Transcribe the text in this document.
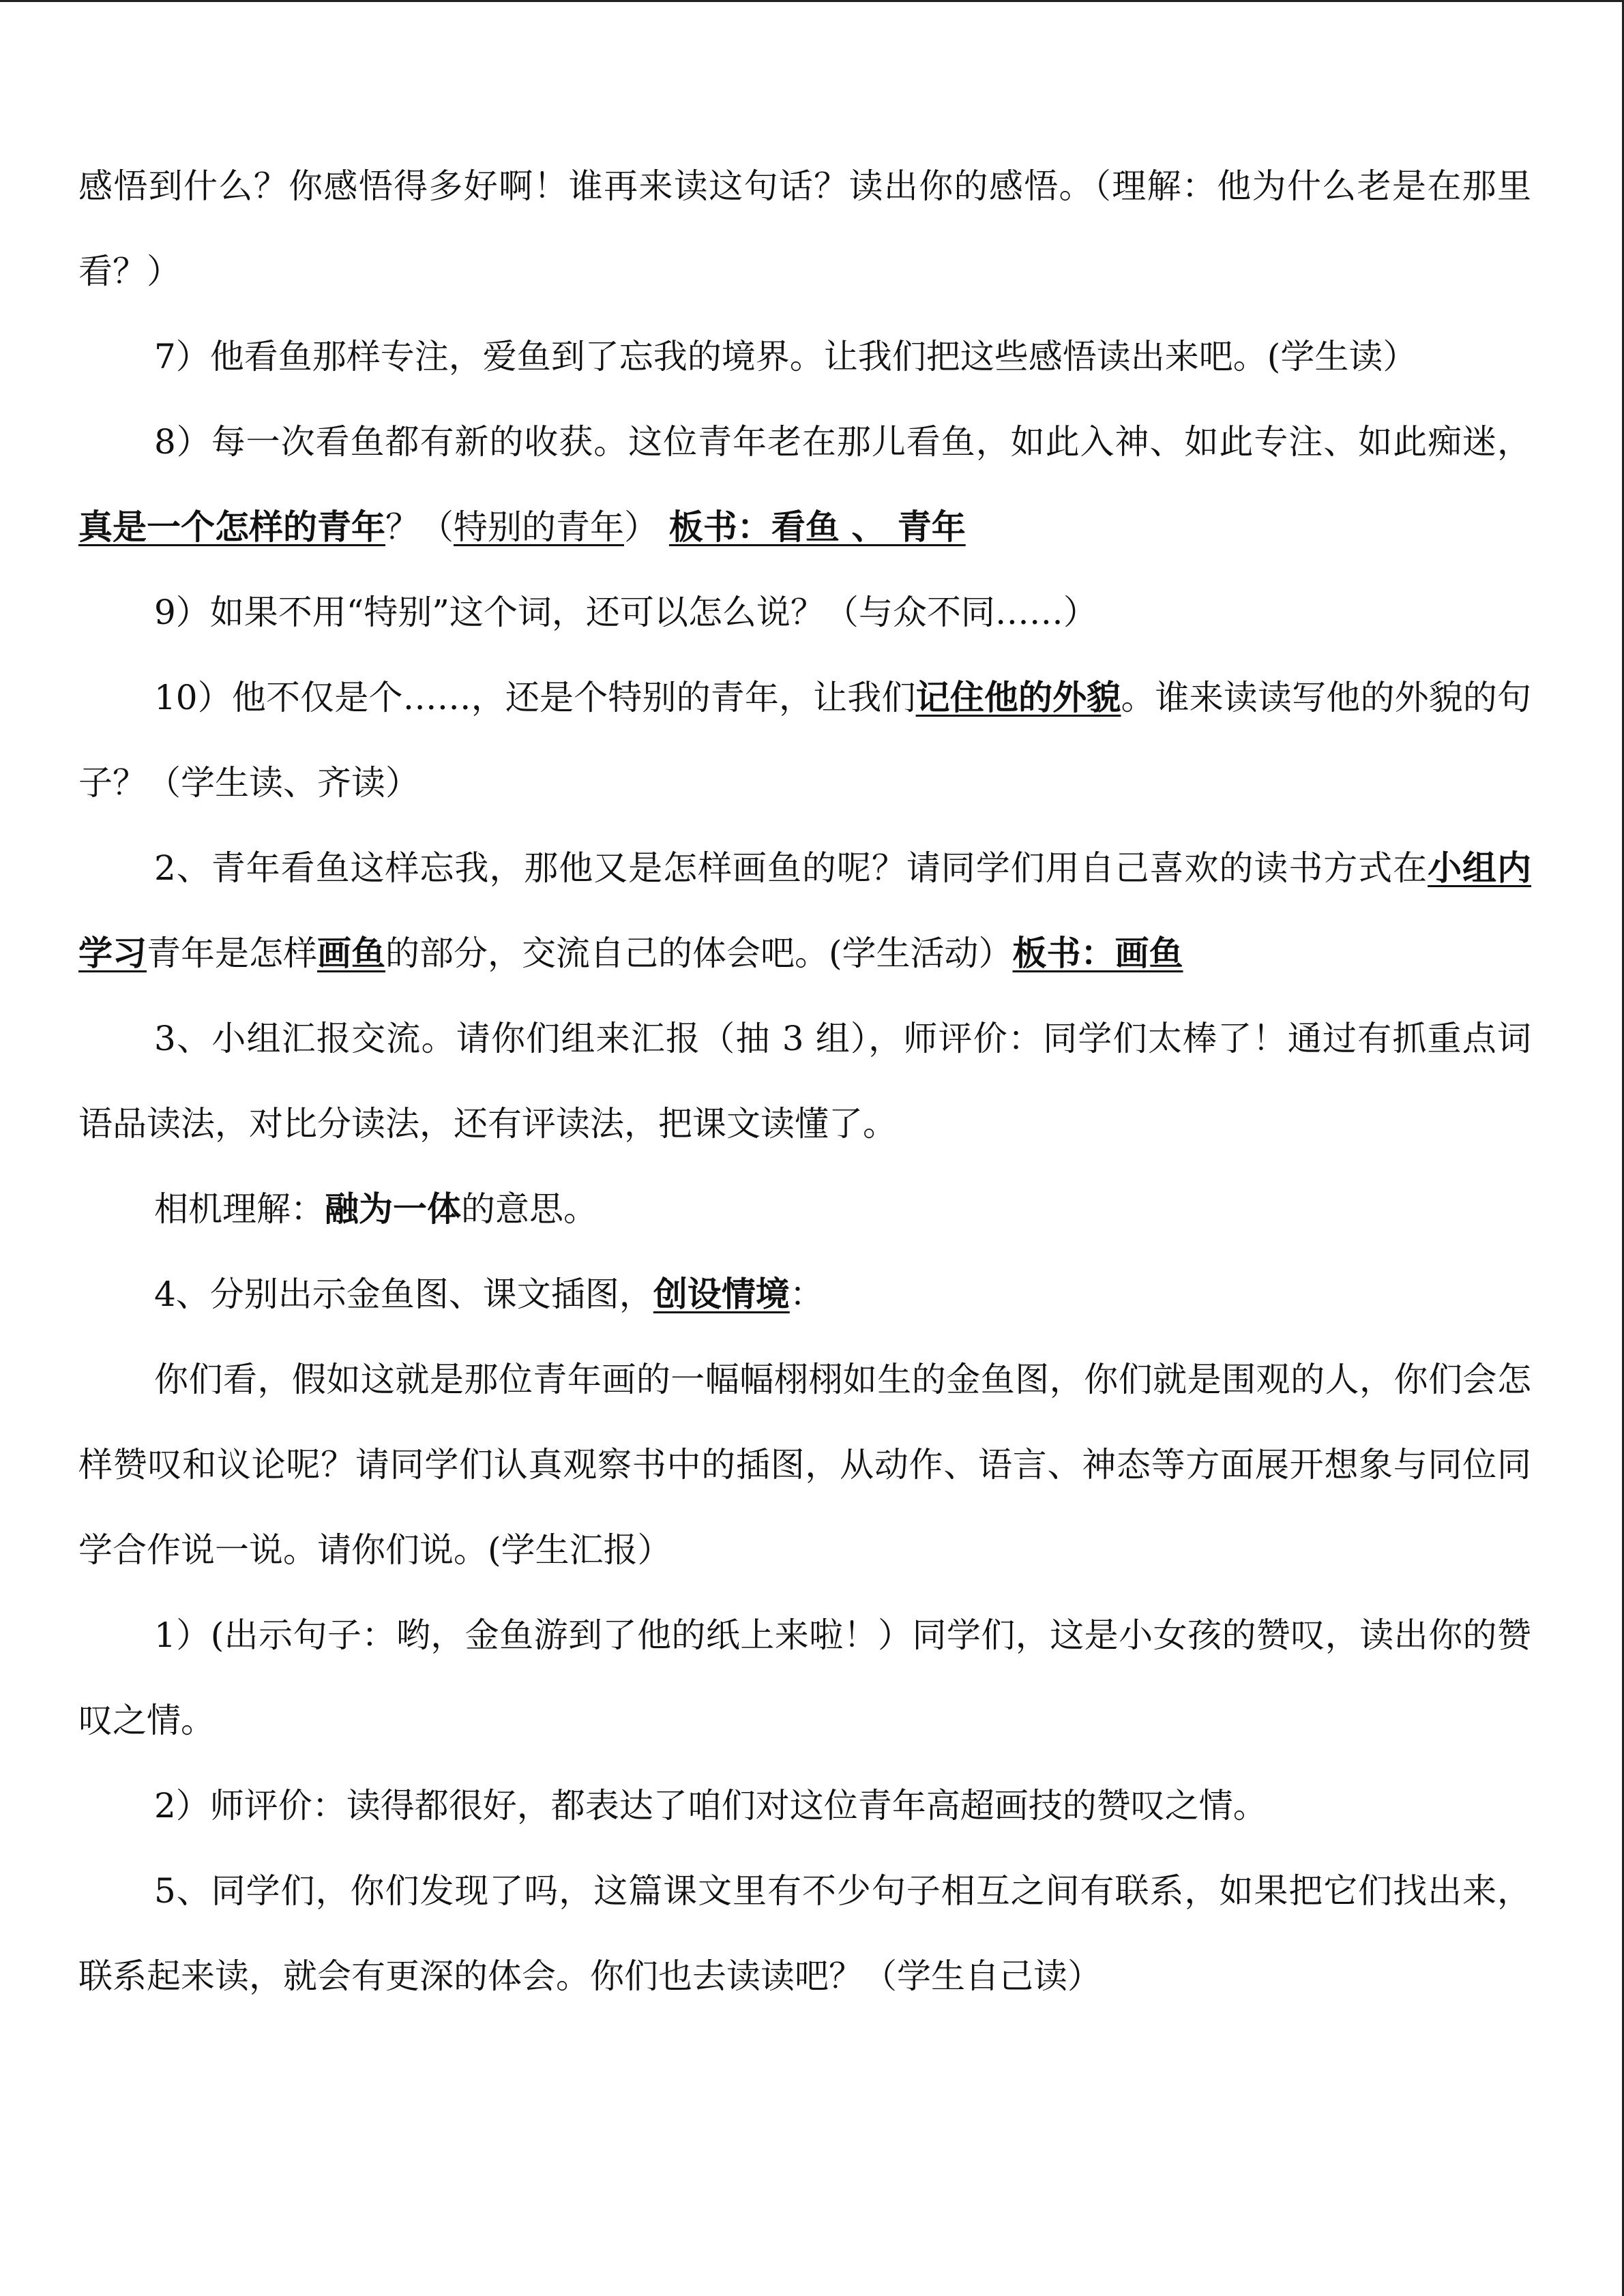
感悟到什么？你感悟得多好啊！谁再来读这句话？读出你的感悟。（理解：他为什么老是在那里看？）

7）他看鱼那样专注，爱鱼到了忘我的境界。让我们把这些感悟读出来吧。(学生读）

8）每一次看鱼都有新的收获。这位青年老在那儿看鱼，如此入神、如此专注、如此痴迷，真是一个怎样的青年？（特别的青年） 板书：看鱼 、 青年

9）如果不用“特别”这个词，还可以怎么说？（与众不同……）

10）他不仅是个……，还是个特别的青年，让我们记住他的外貌。谁来读读写他的外貌的句子？（学生读、齐读）

2、青年看鱼这样忘我，那他又是怎样画鱼的呢？请同学们用自己喜欢的读书方式在小组内学习青年是怎样画鱼的部分，交流自己的体会吧。(学生活动）板书：画鱼

3、小组汇报交流。请你们组来汇报（抽 3 组），师评价：同学们太棒了！通过有抓重点词语品读法，对比分读法，还有评读法，把课文读懂了。

相机理解：融为一体的意思。

4、分别出示金鱼图、课文插图，创设情境：

你们看，假如这就是那位青年画的一幅幅栩栩如生的金鱼图，你们就是围观的人，你们会怎样赞叹和议论呢？请同学们认真观察书中的插图，从动作、语言、神态等方面展开想象与同位同学合作说一说。请你们说。(学生汇报）

1）(出示句子：哟，金鱼游到了他的纸上来啦！）同学们，这是小女孩的赞叹，读出你的赞叹之情。

2）师评价：读得都很好，都表达了咱们对这位青年高超画技的赞叹之情。

5、同学们，你们发现了吗，这篇课文里有不少句子相互之间有联系，如果把它们找出来，联系起来读，就会有更深的体会。你们也去读读吧？（学生自己读）
